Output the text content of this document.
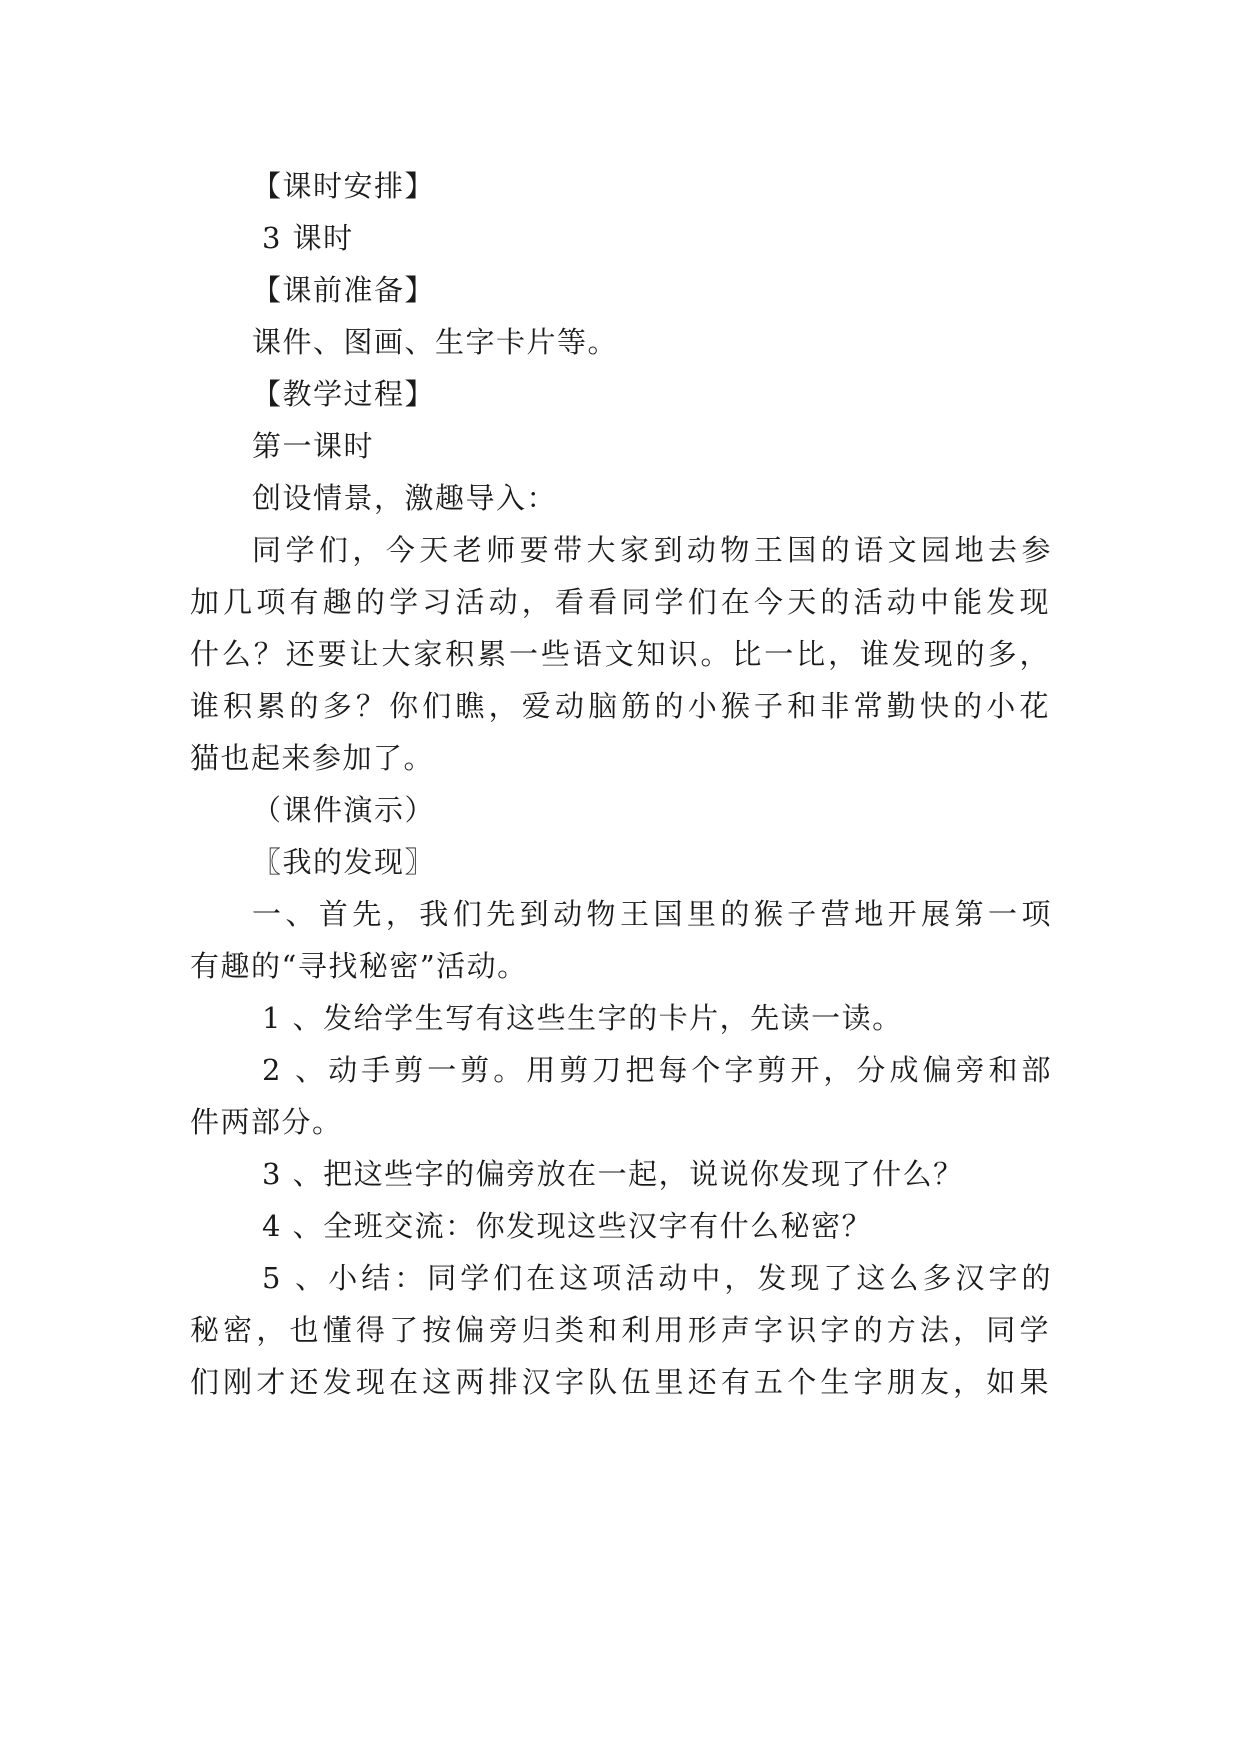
【课时安排】
3 课时
【课前准备】
课件、图画、生字卡片等。
【教学过程】
第一课时
创设情景，激趣导入：
同学们，今天老师要带大家到动物王国的语文园地去参
加几项有趣的学习活动，看看同学们在今天的活动中能发现
什么？还要让大家积累一些语文知识。比一比，谁发现的多，
谁积累的多？你们瞧，爱动脑筋的小猴子和非常勤快的小花
猫也起来参加了。
（课件演示）
〖我的发现〗
一、首先，我们先到动物王国里的猴子营地开展第一项
有趣的“寻找秘密”活动。
1 、发给学生写有这些生字的卡片，先读一读。
2 、动手剪一剪。用剪刀把每个字剪开，分成偏旁和部
件两部分。
3 、把这些字的偏旁放在一起，说说你发现了什么？
4 、全班交流：你发现这些汉字有什么秘密？
5 、小结：同学们在这项活动中，发现了这么多汉字的
秘密，也懂得了按偏旁归类和利用形声字识字的方法，同学
们刚才还发现在这两排汉字队伍里还有五个生字朋友，如果
